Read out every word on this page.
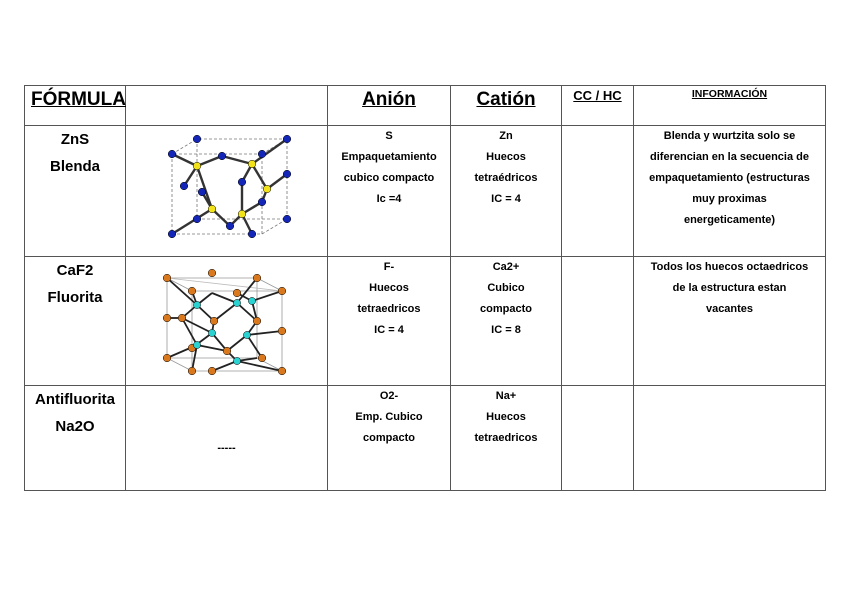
FÓRMULA		Anión	Catión	CC / HC	INFORMACIÓN

ZnS
Blenda		S
Empaquetamiento
cubico compacto
Ic =4	Zn
Huecos
tetraédricos
IC = 4		Blenda y wurtzita solo se
diferencian en la secuencia de
empaquetamiento (estructuras
muy proximas
energeticamente)

CaF2
Fluorita		F-
Huecos
tetraedricos
IC = 4	Ca2+
Cubico
compacto
IC = 8		Todos los huecos octaedricos
de la estructura estan
vacantes

Antifluorita
Na2O	-----	O2-
Emp. Cubico
compacto	Na+
Huecos
tetraedricos		
